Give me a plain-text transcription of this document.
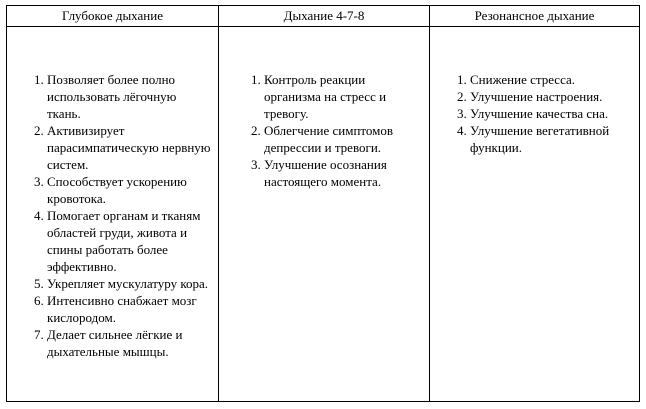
Глубокое дыхание
1. Позволяет более полно использовать лёгочную ткань.
2. Активизирует парасимпатическую нервную систем.
3. Способствует ускорению кровотока.
4. Помогает органам и тканям областей груди, живота и спины работать более эффективно.
5. Укрепляет мускулатуру кора.
6. Интенсивно снабжает мозг кислородом.
7. Делает сильнее лёгкие и дыхательные мышцы.
Дыхание 4-7-8
1. Контроль реакции организма на стресс и тревогу.
2. Облегчение симптомов депрессии и тревоги.
3. Улучшение осознания настоящего момента.
Резонансное дыхание
1. Снижение стресса.
2. Улучшение настроения.
3. Улучшение качества сна.
4. Улучшение вегетативной функции.
